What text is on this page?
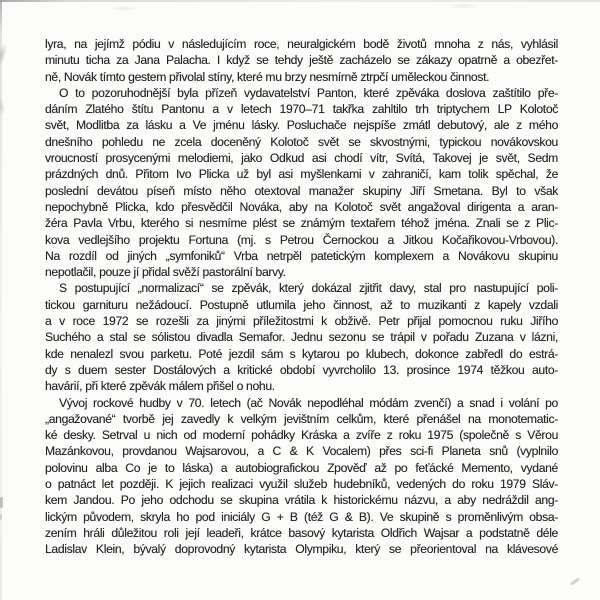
lyra, na jejímž pódiu v následujícím roce, neuralgickém bodě životů mnoha z nás, vyhlásil
minutu ticha za Jana Palacha. I když se tehdy ještě zacházelo se zákazy opatrně a obezřet-
ně, Novák tímto gestem přivolal stíny, které mu brzy nesmírně ztrpčí uměleckou činnost.
O to pozoruhodnější byla přízeň vydavatelství Panton, které zpěváka doslova zaštítilo pře-
dáním Zlatého štítu Pantonu a v letech 1970–71 takřka zahltilo trh triptychem LP Kolotoč
svět, Modlitba za lásku a Ve jménu lásky. Posluchače nejspíše zmátl debutový, ale z mého
dnešního pohledu ne zcela doceněný Kolotoč svět se skvostnými, typickou novákovskou
vroucností prosycenými melodiemi, jako Odkud asi chodí vítr, Svítá, Takovej je svět, Sedm
prázdných dnů. Přitom Ivo Plicka už byl asi myšlenkami v zahraničí, kam tolik spěchal, že
poslední devátou píseň místo něho otextoval manažer skupiny Jiří Smetana. Byl to však
nepochybně Plicka, kdo přesvědčil Nováka, aby na Kolotoč svět angažoval dirigenta a aran-
žéra Pavla Vrbu, kterého si nesmíme plést se známým textařem téhož jména. Znali se z Plic-
kova vedlejšího projektu Fortuna (mj. s Petrou Černockou a Jitkou Kočařikovou-Vrbovou).
Na rozdíl od jiných „symfoniků“ Vrba netrpěl patetickým komplexem a Novákovu skupinu
nepotlačil, pouze jí přidal svěží pastorální barvy.
S postupující „normalizací“ se zpěvák, který dokázal zjitřit davy, stal pro nastupující poli-
tickou garnituru nežádoucí. Postupně utlumila jeho činnost, až to muzikanti z kapely vzdali
a v roce 1972 se rozešli za jinými příležitostmi k obživě. Petr přijal pomocnou ruku Jiřího
Suchého a stal se sólistou divadla Semafor. Jednu sezonu se trápil v pořadu Zuzana v lázni,
kde nenalezl svou parketu. Poté jezdil sám s kytarou po klubech, dokonce zabředl do estrá-
dy s duem sester Dostálových a kritické období vyvrcholilo 13. prosince 1974 těžkou auto-
havárií, při které zpěvák málem přišel o nohu.
Vývoj rockové hudby v 70. letech (ač Novák nepodléhal módám zvenčí) a snad i volání po
„angažované“ tvorbě jej zavedly k velkým jevištním celkům, které přenášel na monotematic-
ké desky. Setrval u nich od moderní pohádky Kráska a zvíře z roku 1975 (společně s Věrou
Mazánkovou, provdanou Wajsarovou, a C & K Vocalem) přes sci-fi Planeta snů (vyplnilo
polovinu alba Co je to láska) a autobiografickou Zpověď až po feťácké Memento, vydané
o patnáct let později. K jejich realizaci využil služeb hudebníků, vedených do roku 1979 Sláv-
kem Jandou. Po jeho odchodu se skupina vrátila k historickému názvu, a aby nedráždil ang-
lickým původem, skryla ho pod iniciály G + B (též G & B). Ve skupině s proměnlivým obsa-
zením hráli důležitou roli její leadeři, krátce basový kytarista Oldřich Wajsar a podstatně déle
Ladislav Klein, bývalý doprovodný kytarista Olympiku, který se přeorientoval na klávesové
